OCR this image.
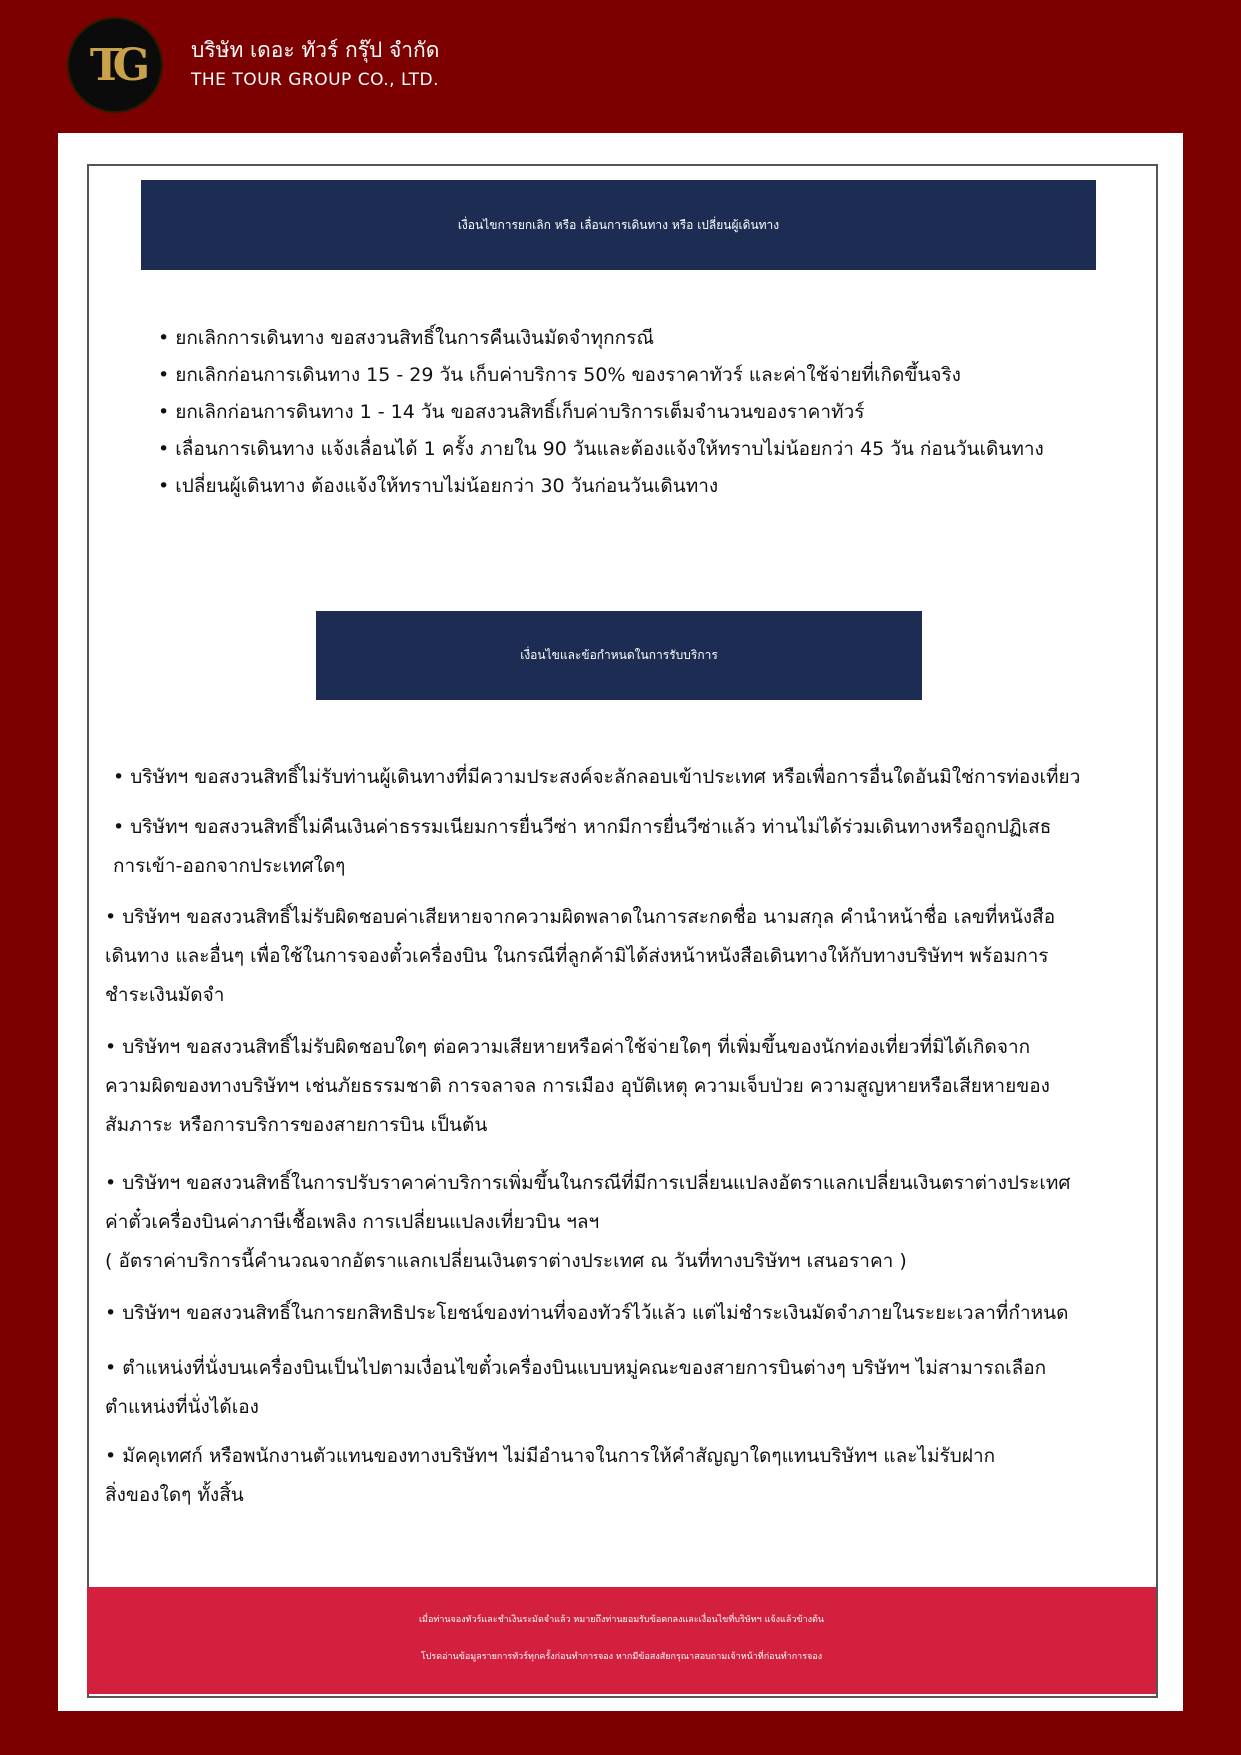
TG บริษัท เดอะ ทัวร์ กรุ๊ป จำกัด
THE TOUR GROUP CO., LTD.
เงื่อนไขการยกเลิก หรือ เลื่อนการเดินทาง หรือ เปลี่ยนผู้เดินทาง
• ยกเลิกการเดินทาง ขอสงวนสิทธิ์ในการคืนเงินมัดจำทุกกรณี
• ยกเลิกก่อนการเดินทาง 15 - 29 วัน เก็บค่าบริการ 50% ของราคาทัวร์ และค่าใช้จ่ายที่เกิดขึ้นจริง
• ยกเลิกก่อนการดินทาง 1 - 14 วัน ขอสงวนสิทธิ์เก็บค่าบริการเต็มจำนวนของราคาทัวร์
• เลื่อนการเดินทาง แจ้งเลื่อนได้ 1 ครั้ง ภายใน 90 วันและต้องแจ้งให้ทราบไม่น้อยกว่า 45 วัน ก่อนวันเดินทาง
• เปลี่ยนผู้เดินทาง ต้องแจ้งให้ทราบไม่น้อยกว่า 30 วันก่อนวันเดินทาง
เงื่อนไขและข้อกำหนดในการรับบริการ
• บริษัทฯ ขอสงวนสิทธิ์ไม่รับท่านผู้เดินทางที่มีความประสงค์จะลักลอบเข้าประเทศ หรือเพื่อการอื่นใดอันมิใช่การท่องเที่ยว
• บริษัทฯ ขอสงวนสิทธิ์ไม่คืนเงินค่าธรรมเนียมการยื่นวีซ่า หากมีการยื่นวีซ่าแล้ว ท่านไม่ได้ร่วมเดินทางหรือถูกปฏิเสธ
การเข้า-ออกจากประเทศใดๆ
• บริษัทฯ ขอสงวนสิทธิ์ไม่รับผิดชอบค่าเสียหายจากความผิดพลาดในการสะกดชื่อ นามสกุล คำนำหน้าชื่อ เลขที่หนังสือ
เดินทาง และอื่นๆ เพื่อใช้ในการจองตั๋วเครื่องบิน ในกรณีที่ลูกค้ามิได้ส่งหน้าหนังสือเดินทางให้กับทางบริษัทฯ พร้อมการ
ชำระเงินมัดจำ
• บริษัทฯ ขอสงวนสิทธิ์ไม่รับผิดชอบใดๆ ต่อความเสียหายหรือค่าใช้จ่ายใดๆ ที่เพิ่มขึ้นของนักท่องเที่ยวที่มิได้เกิดจาก
ความผิดของทางบริษัทฯ เช่นภัยธรรมชาติ การจลาจล การเมือง อุบัติเหตุ ความเจ็บป่วย ความสูญหายหรือเสียหายของ
สัมภาระ หรือการบริการของสายการบิน เป็นต้น
• บริษัทฯ ขอสงวนสิทธิ์ในการปรับราคาค่าบริการเพิ่มขึ้นในกรณีที่มีการเปลี่ยนแปลงอัตราแลกเปลี่ยนเงินตราต่างประเทศ
ค่าตั๋วเครื่องบินค่าภาษีเชื้อเพลิง การเปลี่ยนแปลงเที่ยวบิน ฯลฯ
( อัตราค่าบริการนี้คำนวณจากอัตราแลกเปลี่ยนเงินตราต่างประเทศ ณ วันที่ทางบริษัทฯ เสนอราคา )
• บริษัทฯ ขอสงวนสิทธิ์ในการยกสิทธิประโยชน์ของท่านที่จองทัวร์ไว้แล้ว แต่ไม่ชำระเงินมัดจำภายในระยะเวลาที่กำหนด
• ตำแหน่งที่นั่งบนเครื่องบินเป็นไปตามเงื่อนไขตั๋วเครื่องบินแบบหมู่คณะของสายการบินต่างๆ บริษัทฯ ไม่สามารถเลือก
ตำแหน่งที่นั่งได้เอง
• มัคคุเทศก์ หรือพนักงานตัวแทนของทางบริษัทฯ ไม่มีอำนาจในการให้คำสัญญาใดๆแทนบริษัทฯ และไม่รับฝาก
สิ่งของใดๆ ทั้งสิ้น
เมื่อท่านจองทัวร์และชำเงินระมัดจำแล้ว หมายถึงท่านยอมรับข้อตกลงและเงื่อนไขที่บริษัทฯ แจ้งแล้วข้างต้น
โปรดอ่านข้อมูลรายการทัวร์ทุกครั้งก่อนทำการจอง หากมีข้อสงสัยกรุณาสอบถามเจ้าหน้าที่ก่อนทำการจอง
